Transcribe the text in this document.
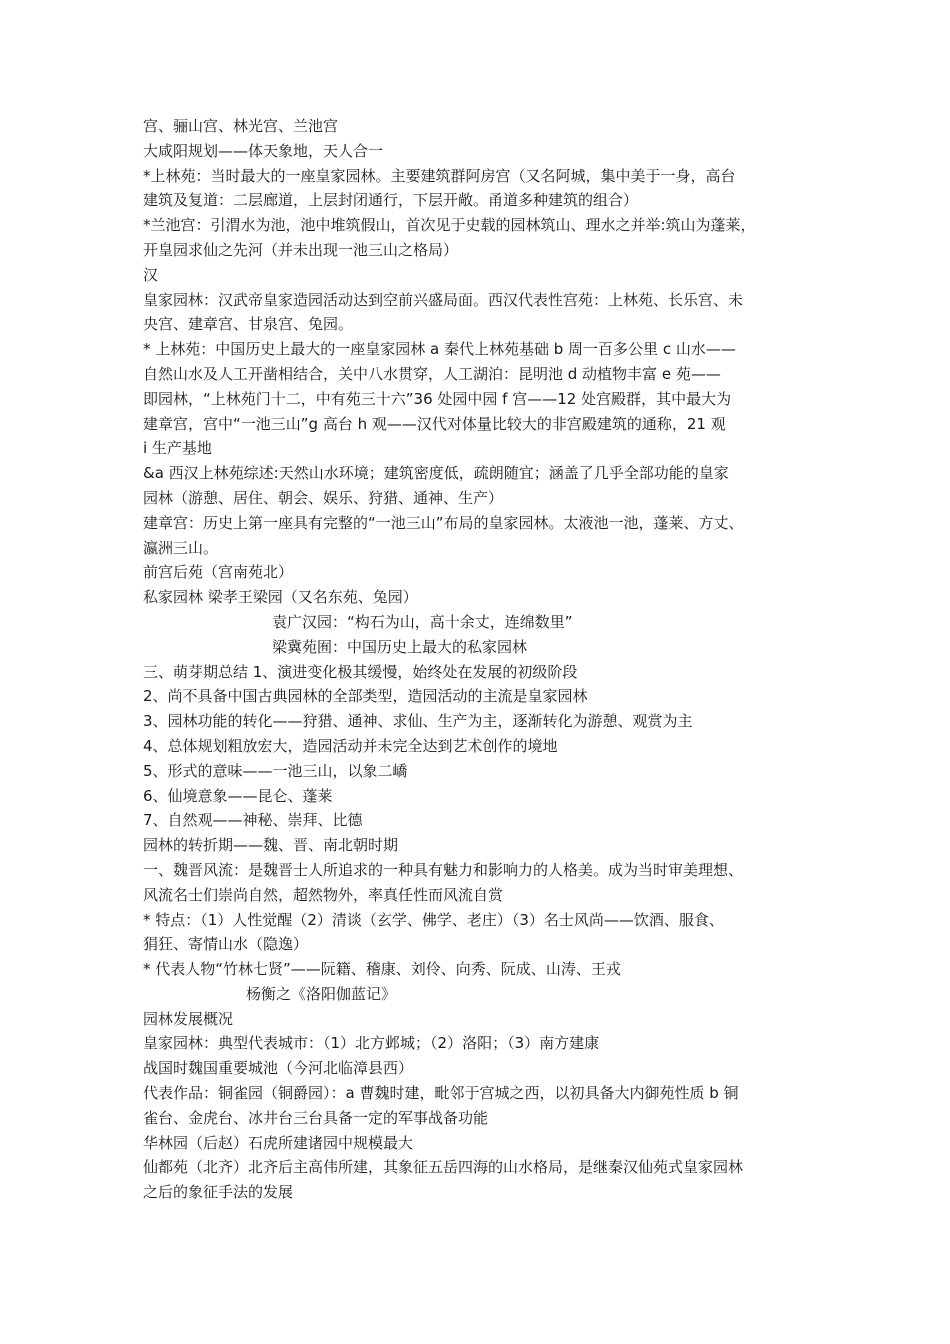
宫、骊山宫、林光宫、兰池宫
大咸阳规划——体天象地，天人合一
*上林苑：当时最大的一座皇家园林。主要建筑群阿房宫（又名阿城，集中美于一身，高台
建筑及复道：二层廊道，上层封闭通行，下层开敞。甬道多种建筑的组合）
*兰池宫：引渭水为池，池中堆筑假山，首次见于史载的园林筑山、理水之并举:筑山为蓬莱，
开皇园求仙之先河（并未出现一池三山之格局）
汉
皇家园林：汉武帝皇家造园活动达到空前兴盛局面。西汉代表性宫苑：上林苑、长乐宫、未
央宫、建章宫、甘泉宫、兔园。
* 上林苑：中国历史上最大的一座皇家园林 a 秦代上林苑基础 b 周一百多公里 c 山水——
自然山水及人工开凿相结合，关中八水贯穿，人工湖泊：昆明池 d 动植物丰富 e 苑——
即园林，“上林苑门十二，中有苑三十六”36 处园中园 f 宫——12 处宫殿群，其中最大为
建章宫，宫中“一池三山”g 高台 h 观——汉代对体量比较大的非宫殿建筑的通称，21 观
i 生产基地
&a 西汉上林苑综述:天然山水环境；建筑密度低，疏朗随宜；涵盖了几乎全部功能的皇家
园林（游憩、居住、朝会、娱乐、狩猎、通神、生产）
建章宫：历史上第一座具有完整的“一池三山”布局的皇家园林。太液池一池，蓬莱、方丈、
瀛洲三山。
前宫后苑（宫南苑北）
私家园林 梁孝王梁园（又名东苑、兔园）
袁广汉园：“构石为山，高十余丈，连绵数里”
梁冀苑囿：中国历史上最大的私家园林
三、萌芽期总结 1、演进变化极其缓慢，始终处在发展的初级阶段
2、尚不具备中国古典园林的全部类型，造园活动的主流是皇家园林
3、园林功能的转化——狩猎、通神、求仙、生产为主，逐渐转化为游憩、观赏为主
4、总体规划粗放宏大，造园活动并未完全达到艺术创作的境地
5、形式的意味——一池三山，以象二嶠
6、仙境意象——昆仑、蓬莱
7、自然观——神秘、崇拜、比德
园林的转折期——魏、晋、南北朝时期
一、魏晋风流：是魏晋士人所追求的一种具有魅力和影响力的人格美。成为当时审美理想、
风流名士们崇尚自然，超然物外，率真任性而风流自赏
* 特点：（1）人性觉醒（2）清谈（玄学、佛学、老庄）（3）名士风尚——饮酒、服食、
狷狂、寄情山水（隐逸）
* 代表人物“竹林七贤”——阮籍、稽康、刘伶、向秀、阮成、山涛、王戎
杨衡之《洛阳伽蓝记》
园林发展概况
皇家园林：典型代表城市：（1）北方邺城；（2）洛阳；（3）南方建康
战国时魏国重要城池（今河北临漳县西）
代表作品：铜雀园（铜爵园）：a 曹魏时建，毗邻于宫城之西，以初具备大内御苑性质 b 铜
雀台、金虎台、冰井台三台具备一定的军事战备功能
华林园（后赵）石虎所建诸园中规模最大
仙都苑（北齐）北齐后主高伟所建，其象征五岳四海的山水格局，是继秦汉仙苑式皇家园林
之后的象征手法的发展
